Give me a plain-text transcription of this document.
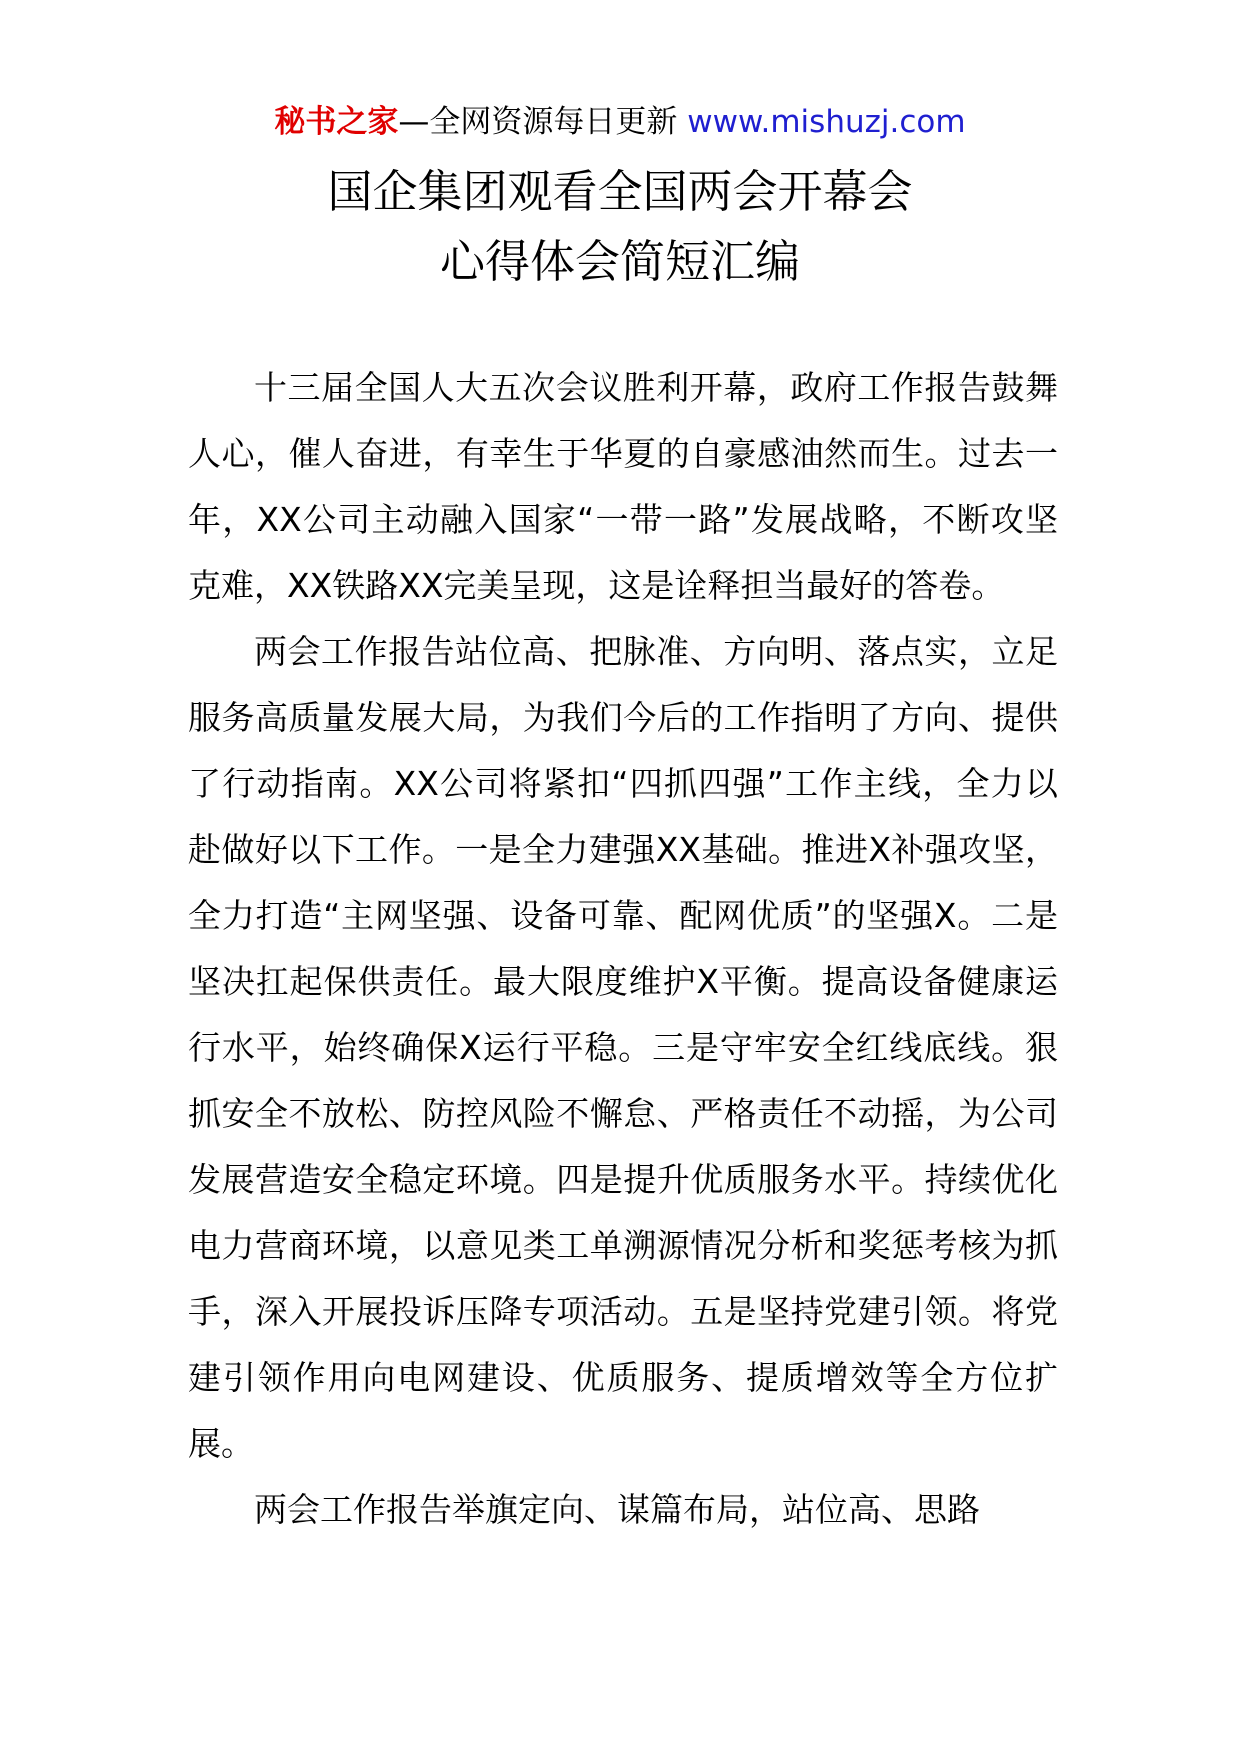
秘书之家—全网资源每日更新 www.mishuzj.com
国企集团观看全国两会开幕会
心得体会简短汇编

十三届全国人大五次会议胜利开幕，政府工作报告鼓舞人心，催人奋进，有幸生于华夏的自豪感油然而生。过去一年，XX公司主动融入国家“一带一路”发展战略，不断攻坚克难，XX铁路XX完美呈现，这是诠释担当最好的答卷。

两会工作报告站位高、把脉准、方向明、落点实，立足服务高质量发展大局，为我们今后的工作指明了方向、提供了行动指南。XX公司将紧扣“四抓四强”工作主线，全力以赴做好以下工作。一是全力建强XX基础。推进X补强攻坚，全力打造“主网坚强、设备可靠、配网优质”的坚强X。二是坚决扛起保供责任。最大限度维护X平衡。提高设备健康运行水平，始终确保X运行平稳。三是守牢安全红线底线。狠抓安全不放松、防控风险不懈怠、严格责任不动摇，为公司发展营造安全稳定环境。四是提升优质服务水平。持续优化电力营商环境，以意见类工单溯源情况分析和奖惩考核为抓手，深入开展投诉压降专项活动。五是坚持党建引领。将党建引领作用向电网建设、优质服务、提质增效等全方位扩展。

两会工作报告举旗定向、谋篇布局，站位高、思路
